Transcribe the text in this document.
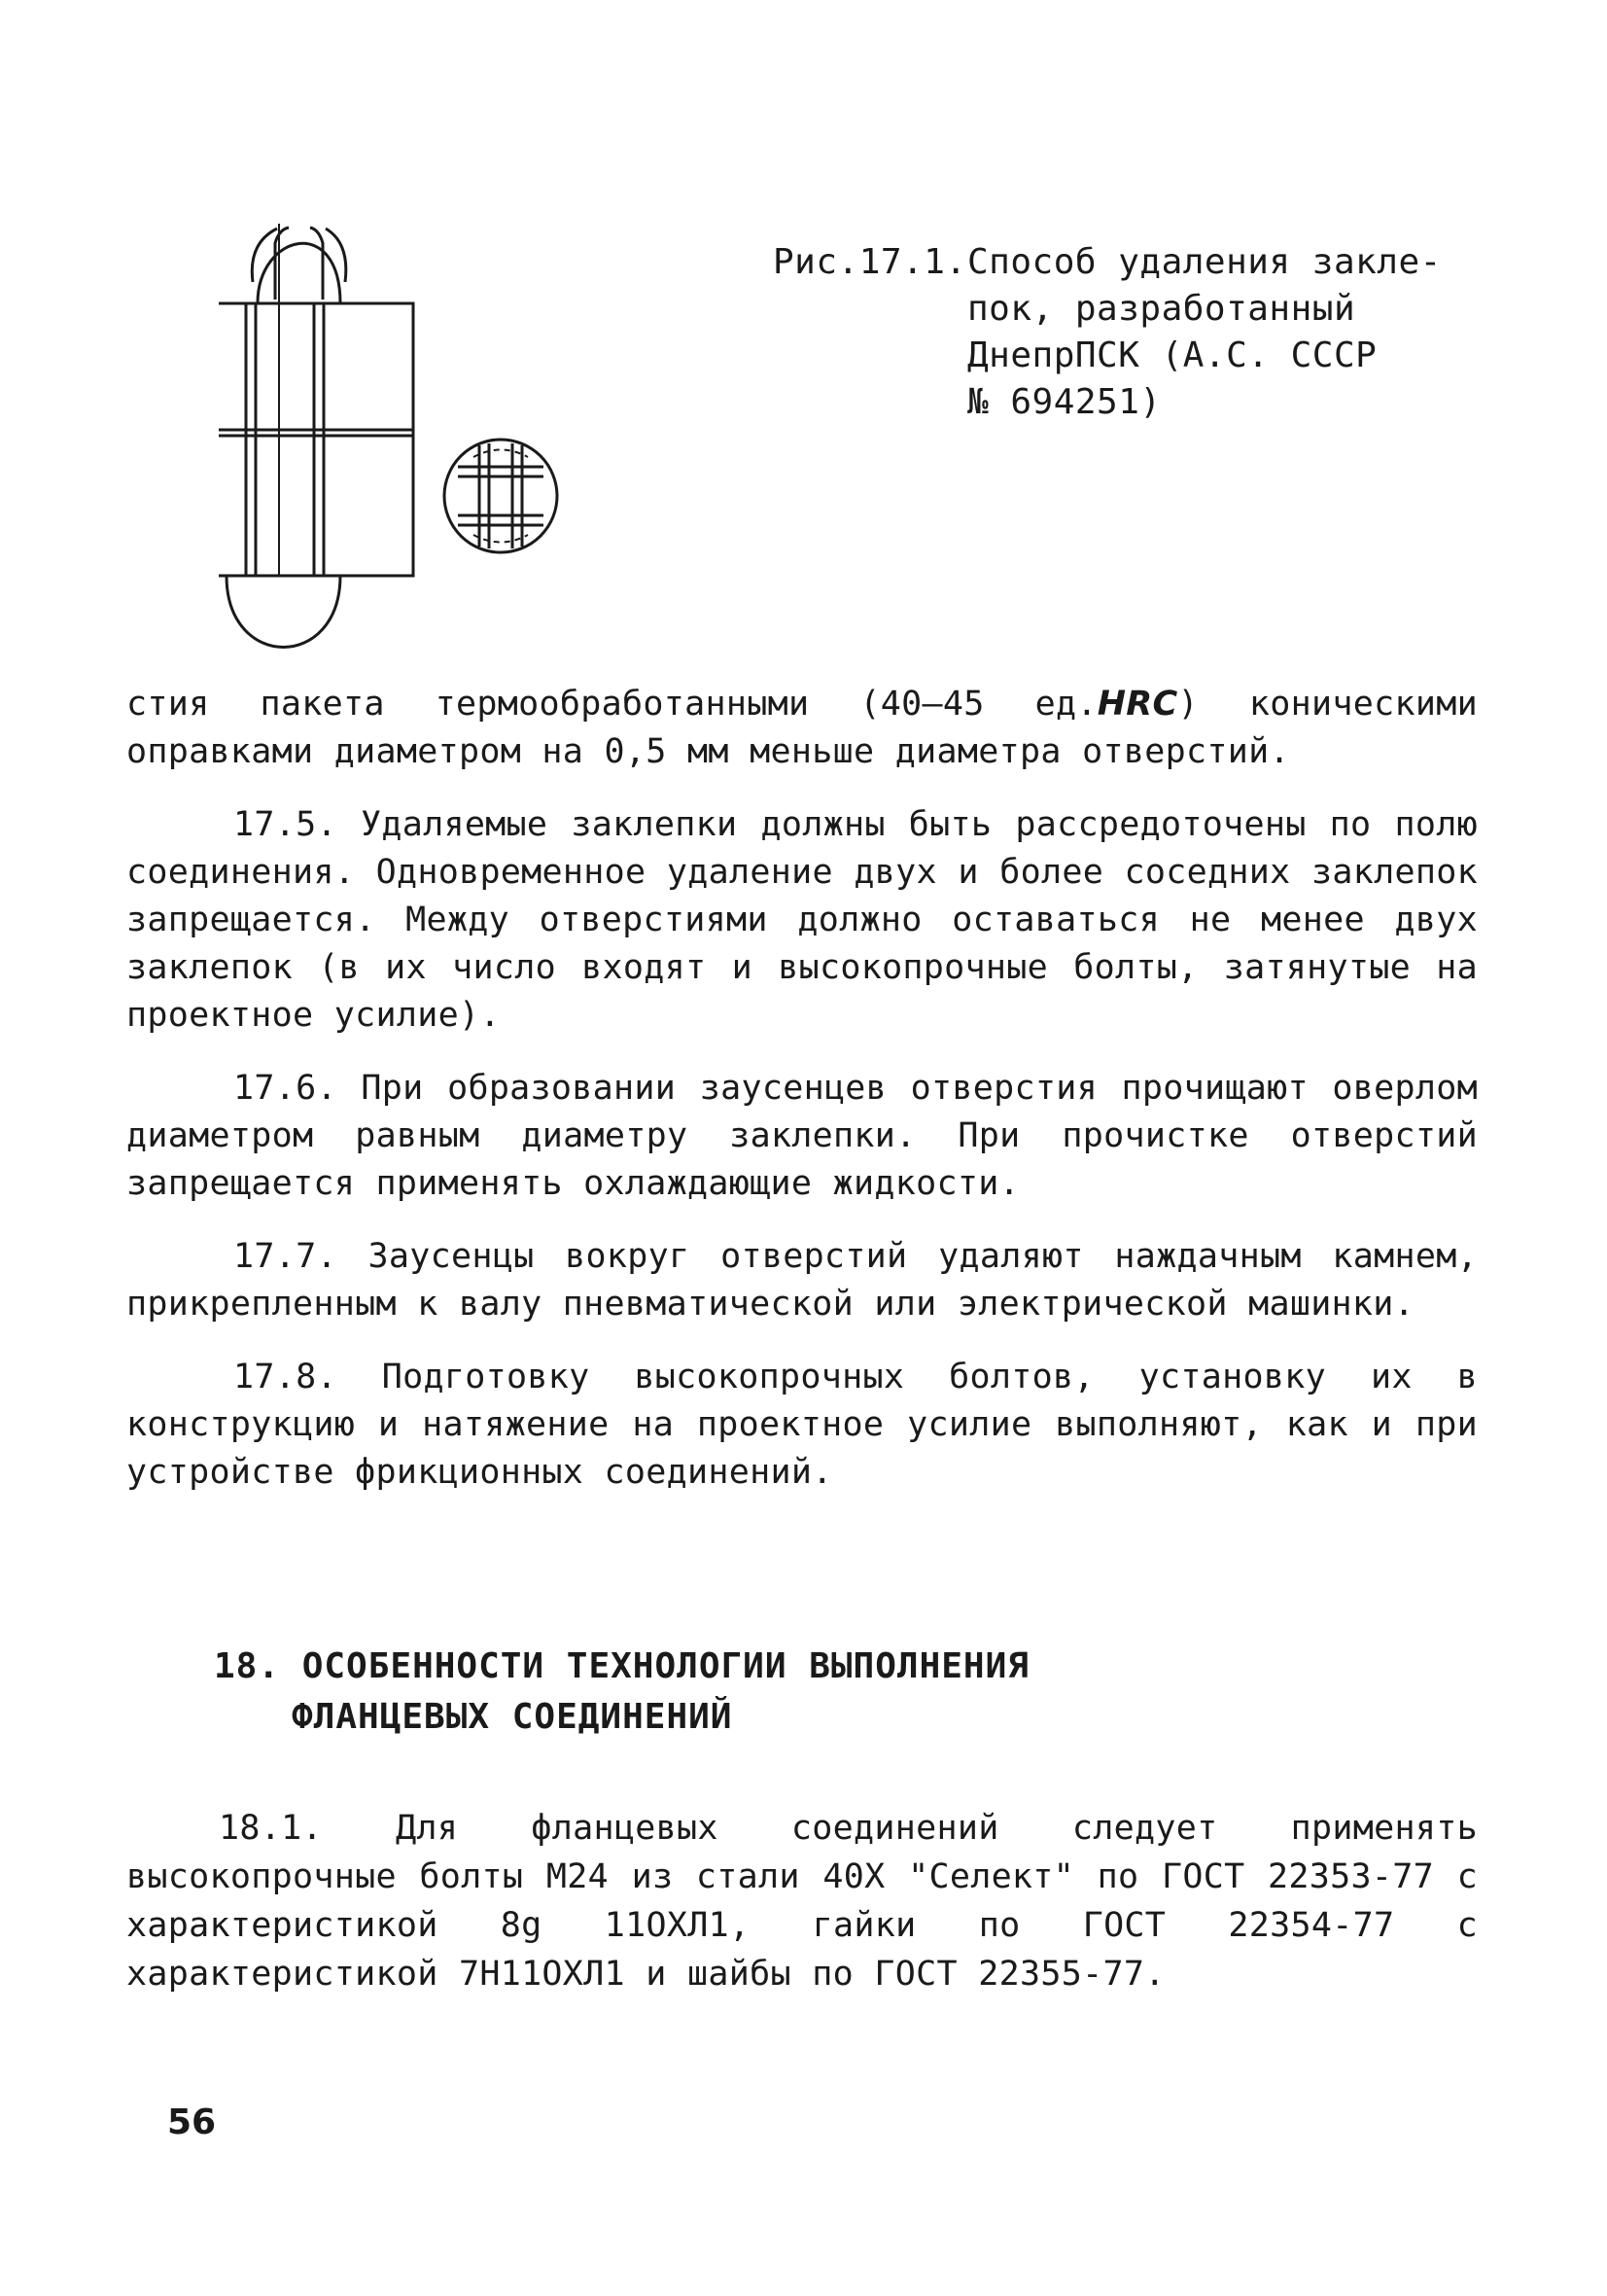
Рис.17.1.Способ удаления закле-
пок, разработанный
ДнепрПСК (А.С. СССР
№ 694251)

стия пакета термообработанными (40–45 ед.HRC) коническими оправками диаметром на 0,5 мм меньше диаметра отверстий.

17.5. Удаляемые заклепки должны быть рассредоточены по полю соединения. Одновременное удаление двух и более соседних заклепок запрещается. Между отверстиями должно оставаться не менее двух заклепок (в их число входят и высокопрочные болты, затянутые на проектное усилие).

17.6. При образовании заусенцев отверстия прочищают оверлом диаметром равным диаметру заклепки. При прочистке отверстий запрещается применять охлаждающие жидкости.

17.7. Заусенцы вокруг отверстий удаляют наждачным камнем, прикрепленным к валу пневматической или электрической машинки.

17.8. Подготовку высокопрочных болтов, установку их в конструкцию и натяжение на проектное усилие выполняют, как и при устройстве фрикционных соединений.

18. ОСОБЕННОСТИ ТЕХНОЛОГИИ ВЫПОЛНЕНИЯ
ФЛАНЦЕВЫХ СОЕДИНЕНИЙ

18.1. Для фланцевых соединений следует применять высокопрочные болты М24 из стали 40Х "Селект" по ГОСТ 22353-77 с характеристикой 8g 11ОХЛ1, гайки по ГОСТ 22354-77 с характеристикой 7Н11ОХЛ1 и шайбы по ГОСТ 22355-77.

56
